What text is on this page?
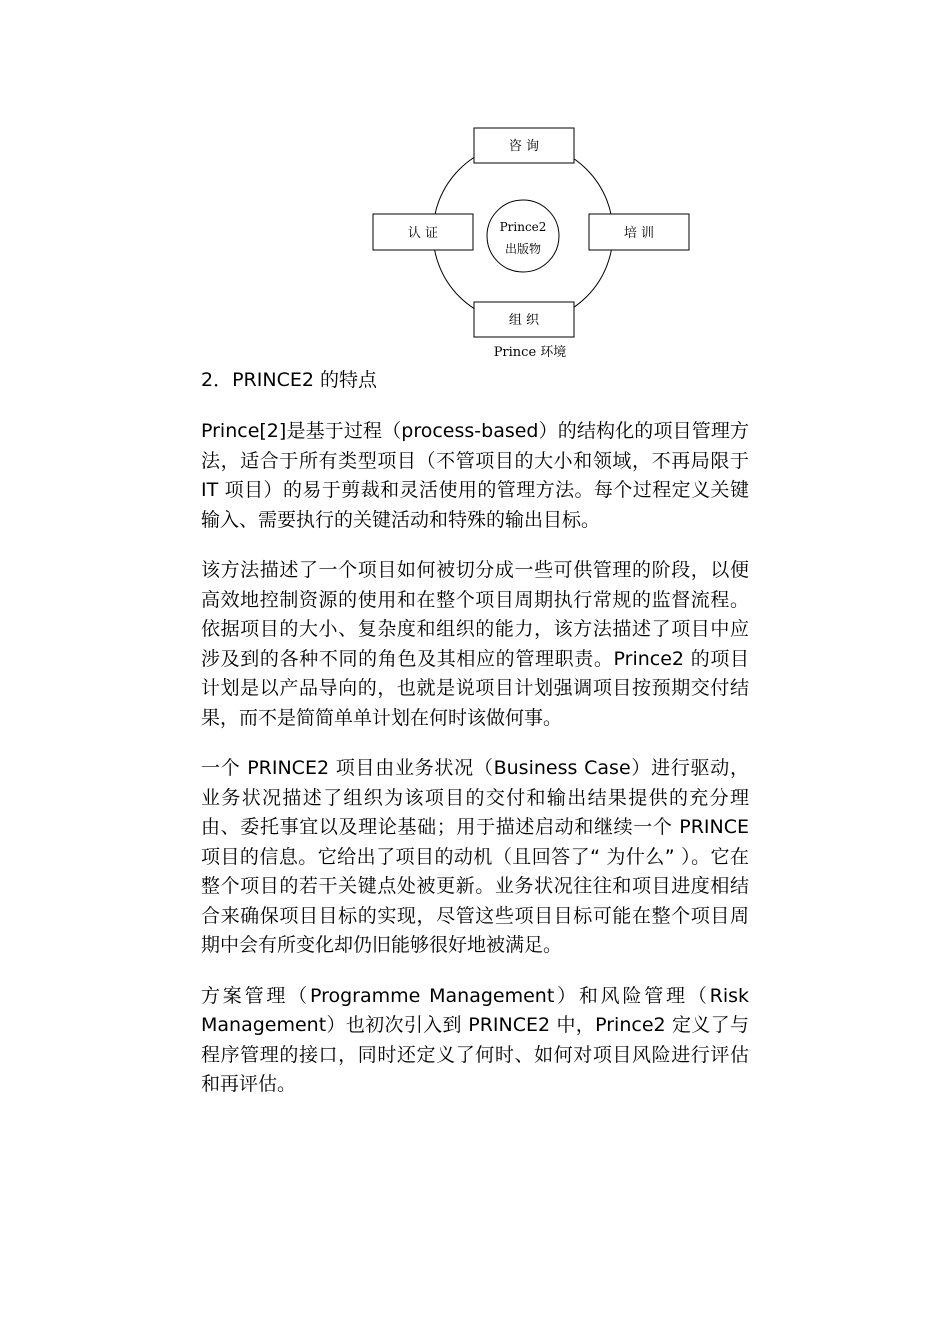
咨 询
认 证	培 训
组 织
Prince2
出版物
Prince 环境
2．PRINCE2 的特点

Prince[2]是基于过程（process-based）的结构化的项目管理方法，适合于所有类型项目（不管项目的大小和领域，不再局限于 IT 项目）的易于剪裁和灵活使用的管理方法。每个过程定义关键输入、需要执行的关键活动和特殊的输出目标。

该方法描述了一个项目如何被切分成一些可供管理的阶段，以便高效地控制资源的使用和在整个项目周期执行常规的监督流程。依据项目的大小、复杂度和组织的能力，该方法描述了项目中应涉及到的各种不同的角色及其相应的管理职责。Prince2 的项目计划是以产品导向的，也就是说项目计划强调项目按预期交付结果，而不是简简单单计划在何时该做何事。

一个 PRINCE2 项目由业务状况（Business Case）进行驱动，业务状况描述了组织为该项目的交付和输出结果提供的充分理由、委托事宜以及理论基础；用于描述启动和继续一个 PRINCE 项目的信息。它给出了项目的动机（且回答了“ 为什么” ）。它在整个项目的若干关键点处被更新。业务状况往往和项目进度相结合来确保项目目标的实现，尽管这些项目目标可能在整个项目周期中会有所变化却仍旧能够很好地被满足。

方案管理（Programme Management）和风险管理（Risk Management）也初次引入到 PRINCE2 中，Prince2 定义了与程序管理的接口，同时还定义了何时、如何对项目风险进行评估和再评估。
